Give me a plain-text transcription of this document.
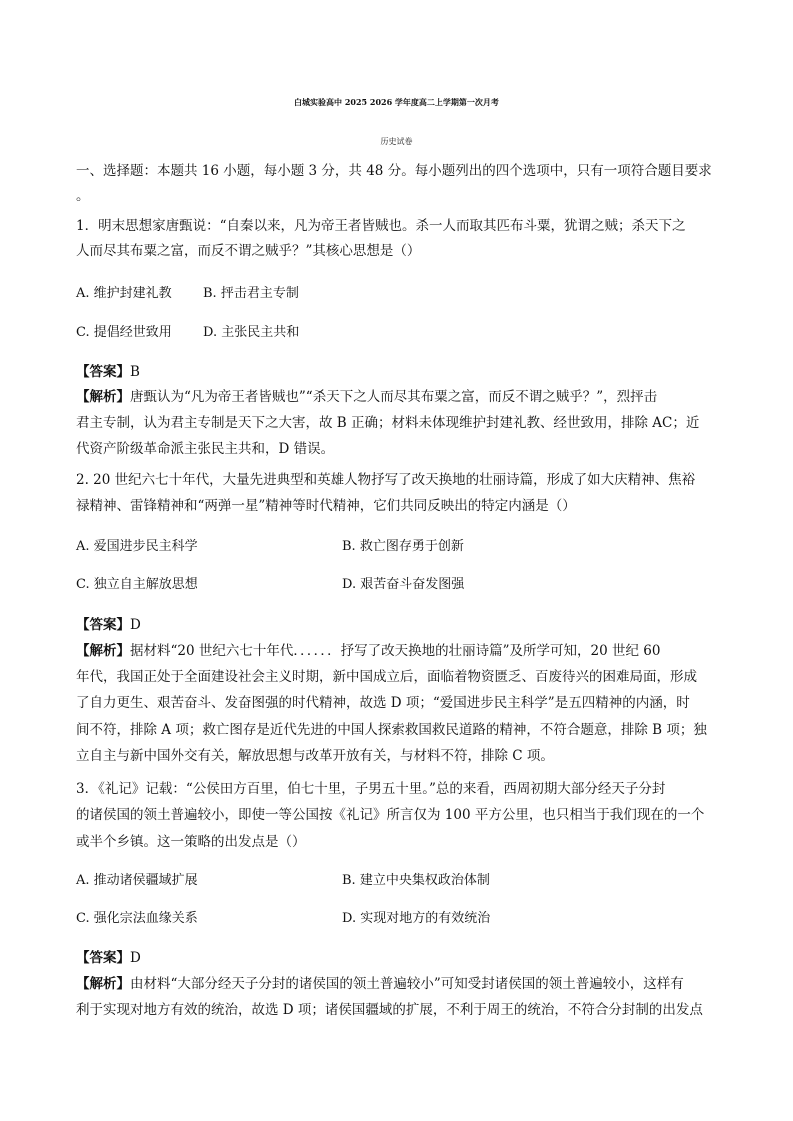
白城实验高中 2025 2026 学年度高二上学期第一次月考
历史试卷
一、选择题：本题共 16 小题，每小题 3 分，共 48 分。每小题列出的四个选项中，只有一项符合题目要求
。
1．明末思想家唐甄说：“自秦以来，凡为帝王者皆贼也。杀一人而取其匹布斗粟，犹谓之贼；杀天下之
人而尽其布粟之富，而反不谓之贼乎？”其核心思想是（）
A. 维护封建礼教 B. 抨击君主专制
C. 提倡经世致用 D. 主张民主共和
【答案】B
【解析】唐甄认为“凡为帝王者皆贼也”“杀天下之人而尽其布粟之富，而反不谓之贼乎？”，烈抨击
君主专制，认为君主专制是天下之大害，故 B 正确；材料未体现维护封建礼教、经世致用，排除 AC；近
代资产阶级革命派主张民主共和，D 错误。
2. 20 世纪六七十年代，大量先进典型和英雄人物抒写了改天换地的壮丽诗篇，形成了如大庆精神、焦裕
禄精神、雷锋精神和“两弹一星”精神等时代精神，它们共同反映出的特定内涵是（）
A. 爱国进步民主科学	B. 救亡图存勇于创新
C. 独立自主解放思想	D. 艰苦奋斗奋发图强
【答案】D
【解析】据材料“20 世纪六七十年代．．．．．．抒写了改天换地的壮丽诗篇”及所学可知，20 世纪 60
年代，我国正处于全面建设社会主义时期，新中国成立后，面临着物资匮乏、百废待兴的困难局面，形成
了自力更生、艰苦奋斗、发奋图强的时代精神，故选 D 项；“爱国进步民主科学”是五四精神的内涵，时
间不符，排除 A 项；救亡图存是近代先进的中国人探索救国救民道路的精神，不符合题意，排除 B 项；独
立自主与新中国外交有关，解放思想与改革开放有关，与材料不符，排除 C 项。
3．《礼记》记载：“公侯田方百里，伯七十里，子男五十里。”总的来看，西周初期大部分经天子分封
的诸侯国的领土普遍较小，即使一等公国按《礼记》所言仅为 100 平方公里，也只相当于我们现在的一个
或半个乡镇。这一策略的出发点是（）
A. 推动诸侯疆域扩展	B. 建立中央集权政治体制
C. 强化宗法血缘关系	D. 实现对地方的有效统治
【答案】D
【解析】由材料“大部分经天子分封的诸侯国的领土普遍较小”可知受封诸侯国的领土普遍较小，这样有
利于实现对地方有效的统治，故选 D 项；诸侯国疆域的扩展，不利于周王的统治，不符合分封制的出发点
